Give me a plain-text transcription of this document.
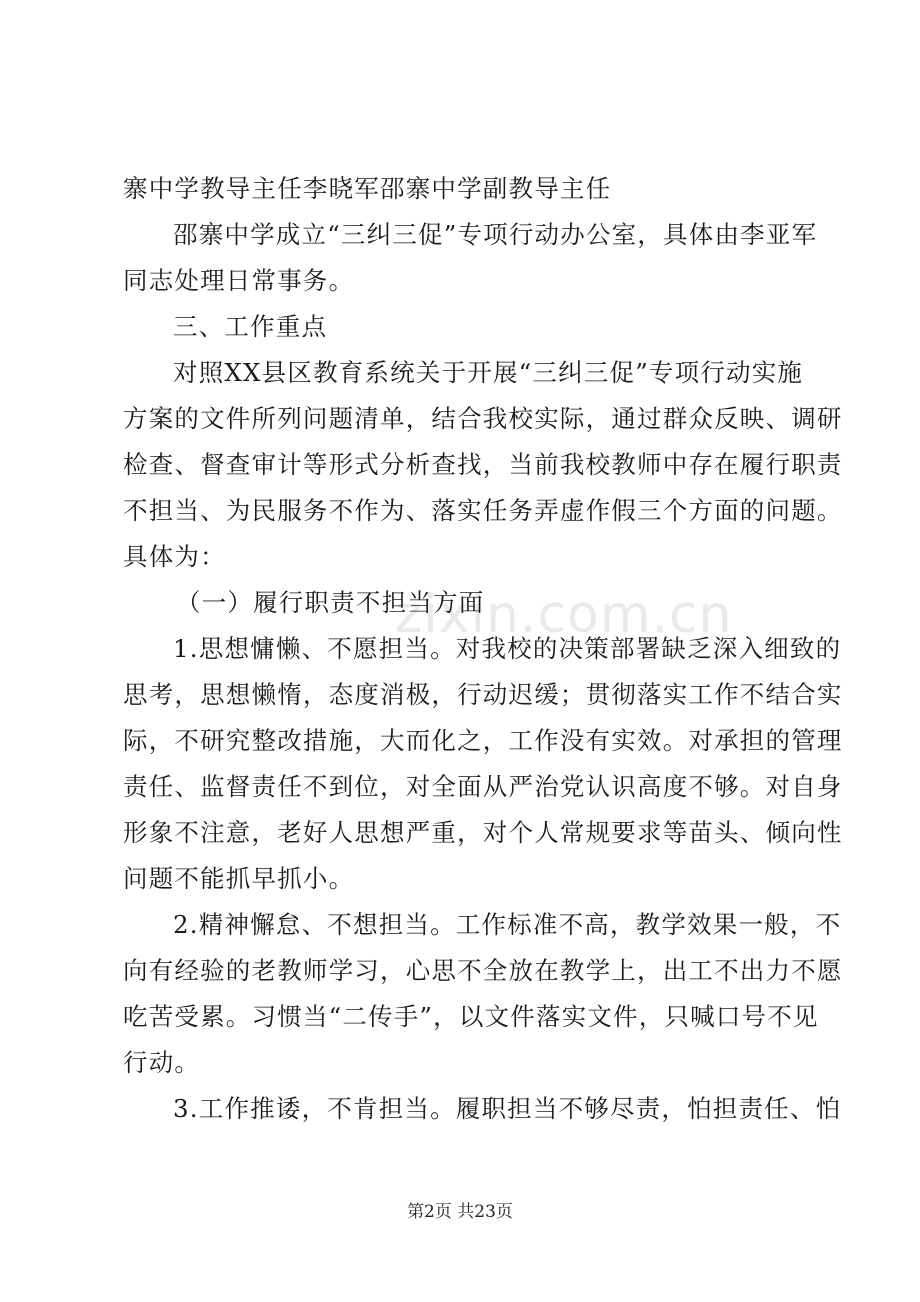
zixin.com.cn
寨中学教导主任李晓军邵寨中学副教导主任
邵寨中学成立“三纠三促”专项行动办公室，具体由李亚军
同志处理日常事务。
三、工作重点
对照XX县区教育系统关于开展“三纠三促”专项行动实施
方案的文件所列问题清单，结合我校实际，通过群众反映、调研
检查、督查审计等形式分析查找，当前我校教师中存在履行职责
不担当、为民服务不作为、落实任务弄虚作假三个方面的问题。
具体为：
（一）履行职责不担当方面
1.思想慵懒、不愿担当。对我校的决策部署缺乏深入细致的
思考，思想懒惰，态度消极，行动迟缓；贯彻落实工作不结合实
际，不研究整改措施，大而化之，工作没有实效。对承担的管理
责任、监督责任不到位，对全面从严治党认识高度不够。对自身
形象不注意，老好人思想严重，对个人常规要求等苗头、倾向性
问题不能抓早抓小。
2.精神懈怠、不想担当。工作标准不高，教学效果一般，不
向有经验的老教师学习，心思不全放在教学上，出工不出力不愿
吃苦受累。习惯当“二传手”，以文件落实文件，只喊口号不见
行动。
3.工作推诿，不肯担当。履职担当不够尽责，怕担责任、怕
第2页 共23页
